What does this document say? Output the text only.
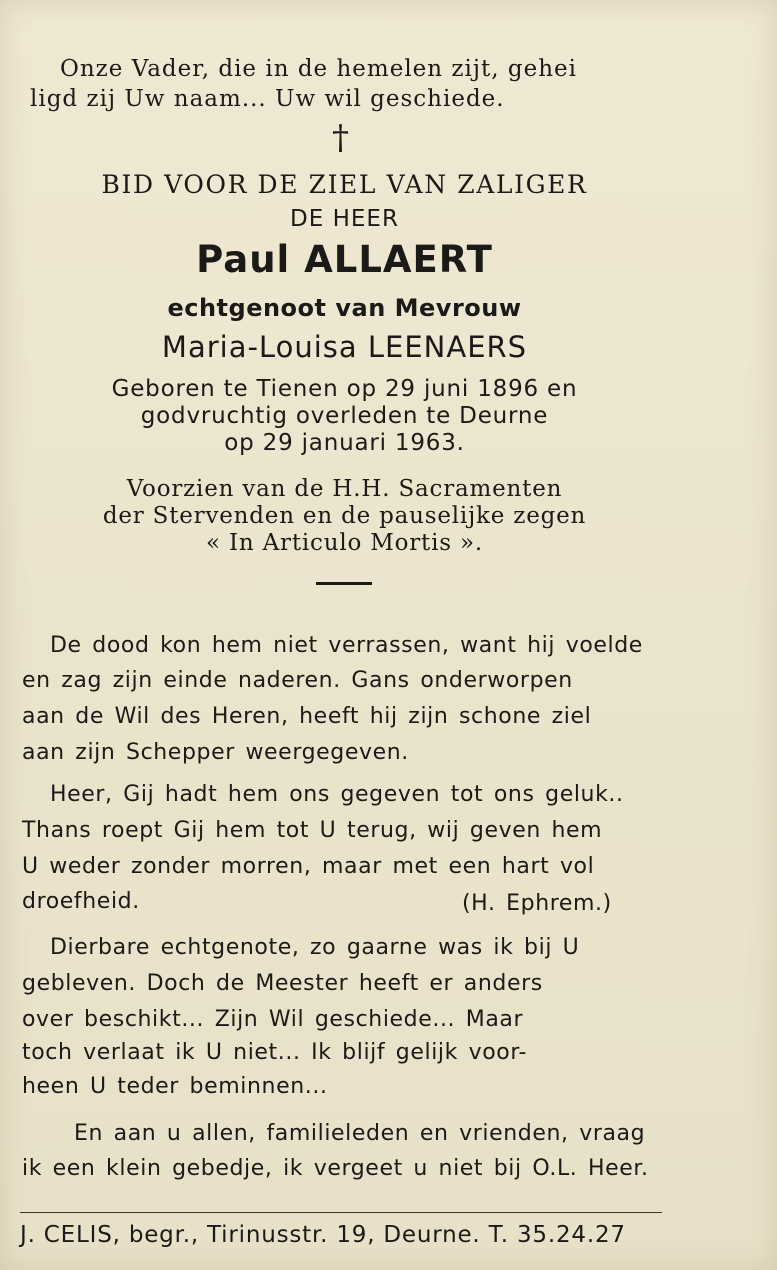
Onze Vader, die in de hemelen zijt, gehei
ligd zij Uw naam... Uw wil geschiede.
†
BID VOOR DE ZIEL VAN ZALIGER
DE HEER
Paul ALLAERT
echtgenoot van Mevrouw
Maria-Louisa LEENAERS
Geboren te Tienen op 29 juni 1896 en
godvruchtig overleden te Deurne
op 29 januari 1963.
Voorzien van de H.H. Sacramenten
der Stervenden en de pauselijke zegen
« In Articulo Mortis ».
De dood kon hem niet verrassen, want hij voelde
en zag zijn einde naderen. Gans onderworpen
aan de Wil des Heren, heeft hij zijn schone ziel
aan zijn Schepper weergegeven.
Heer, Gij hadt hem ons gegeven tot ons geluk..
Thans roept Gij hem tot U terug, wij geven hem
U weder zonder morren, maar met een hart vol
droefheid.	(H. Ephrem.)
Dierbare echtgenote, zo gaarne was ik bij U
gebleven. Doch de Meester heeft er anders
over beschikt... Zijn Wil geschiede... Maar
toch verlaat ik U niet... Ik blijf gelijk voor-
heen U teder beminnen...
En aan u allen, familieleden en vrienden, vraag
ik een klein gebedje, ik vergeet u niet bij O.L. Heer.
J. CELIS, begr., Tirinusstr. 19, Deurne. T. 35.24.27
